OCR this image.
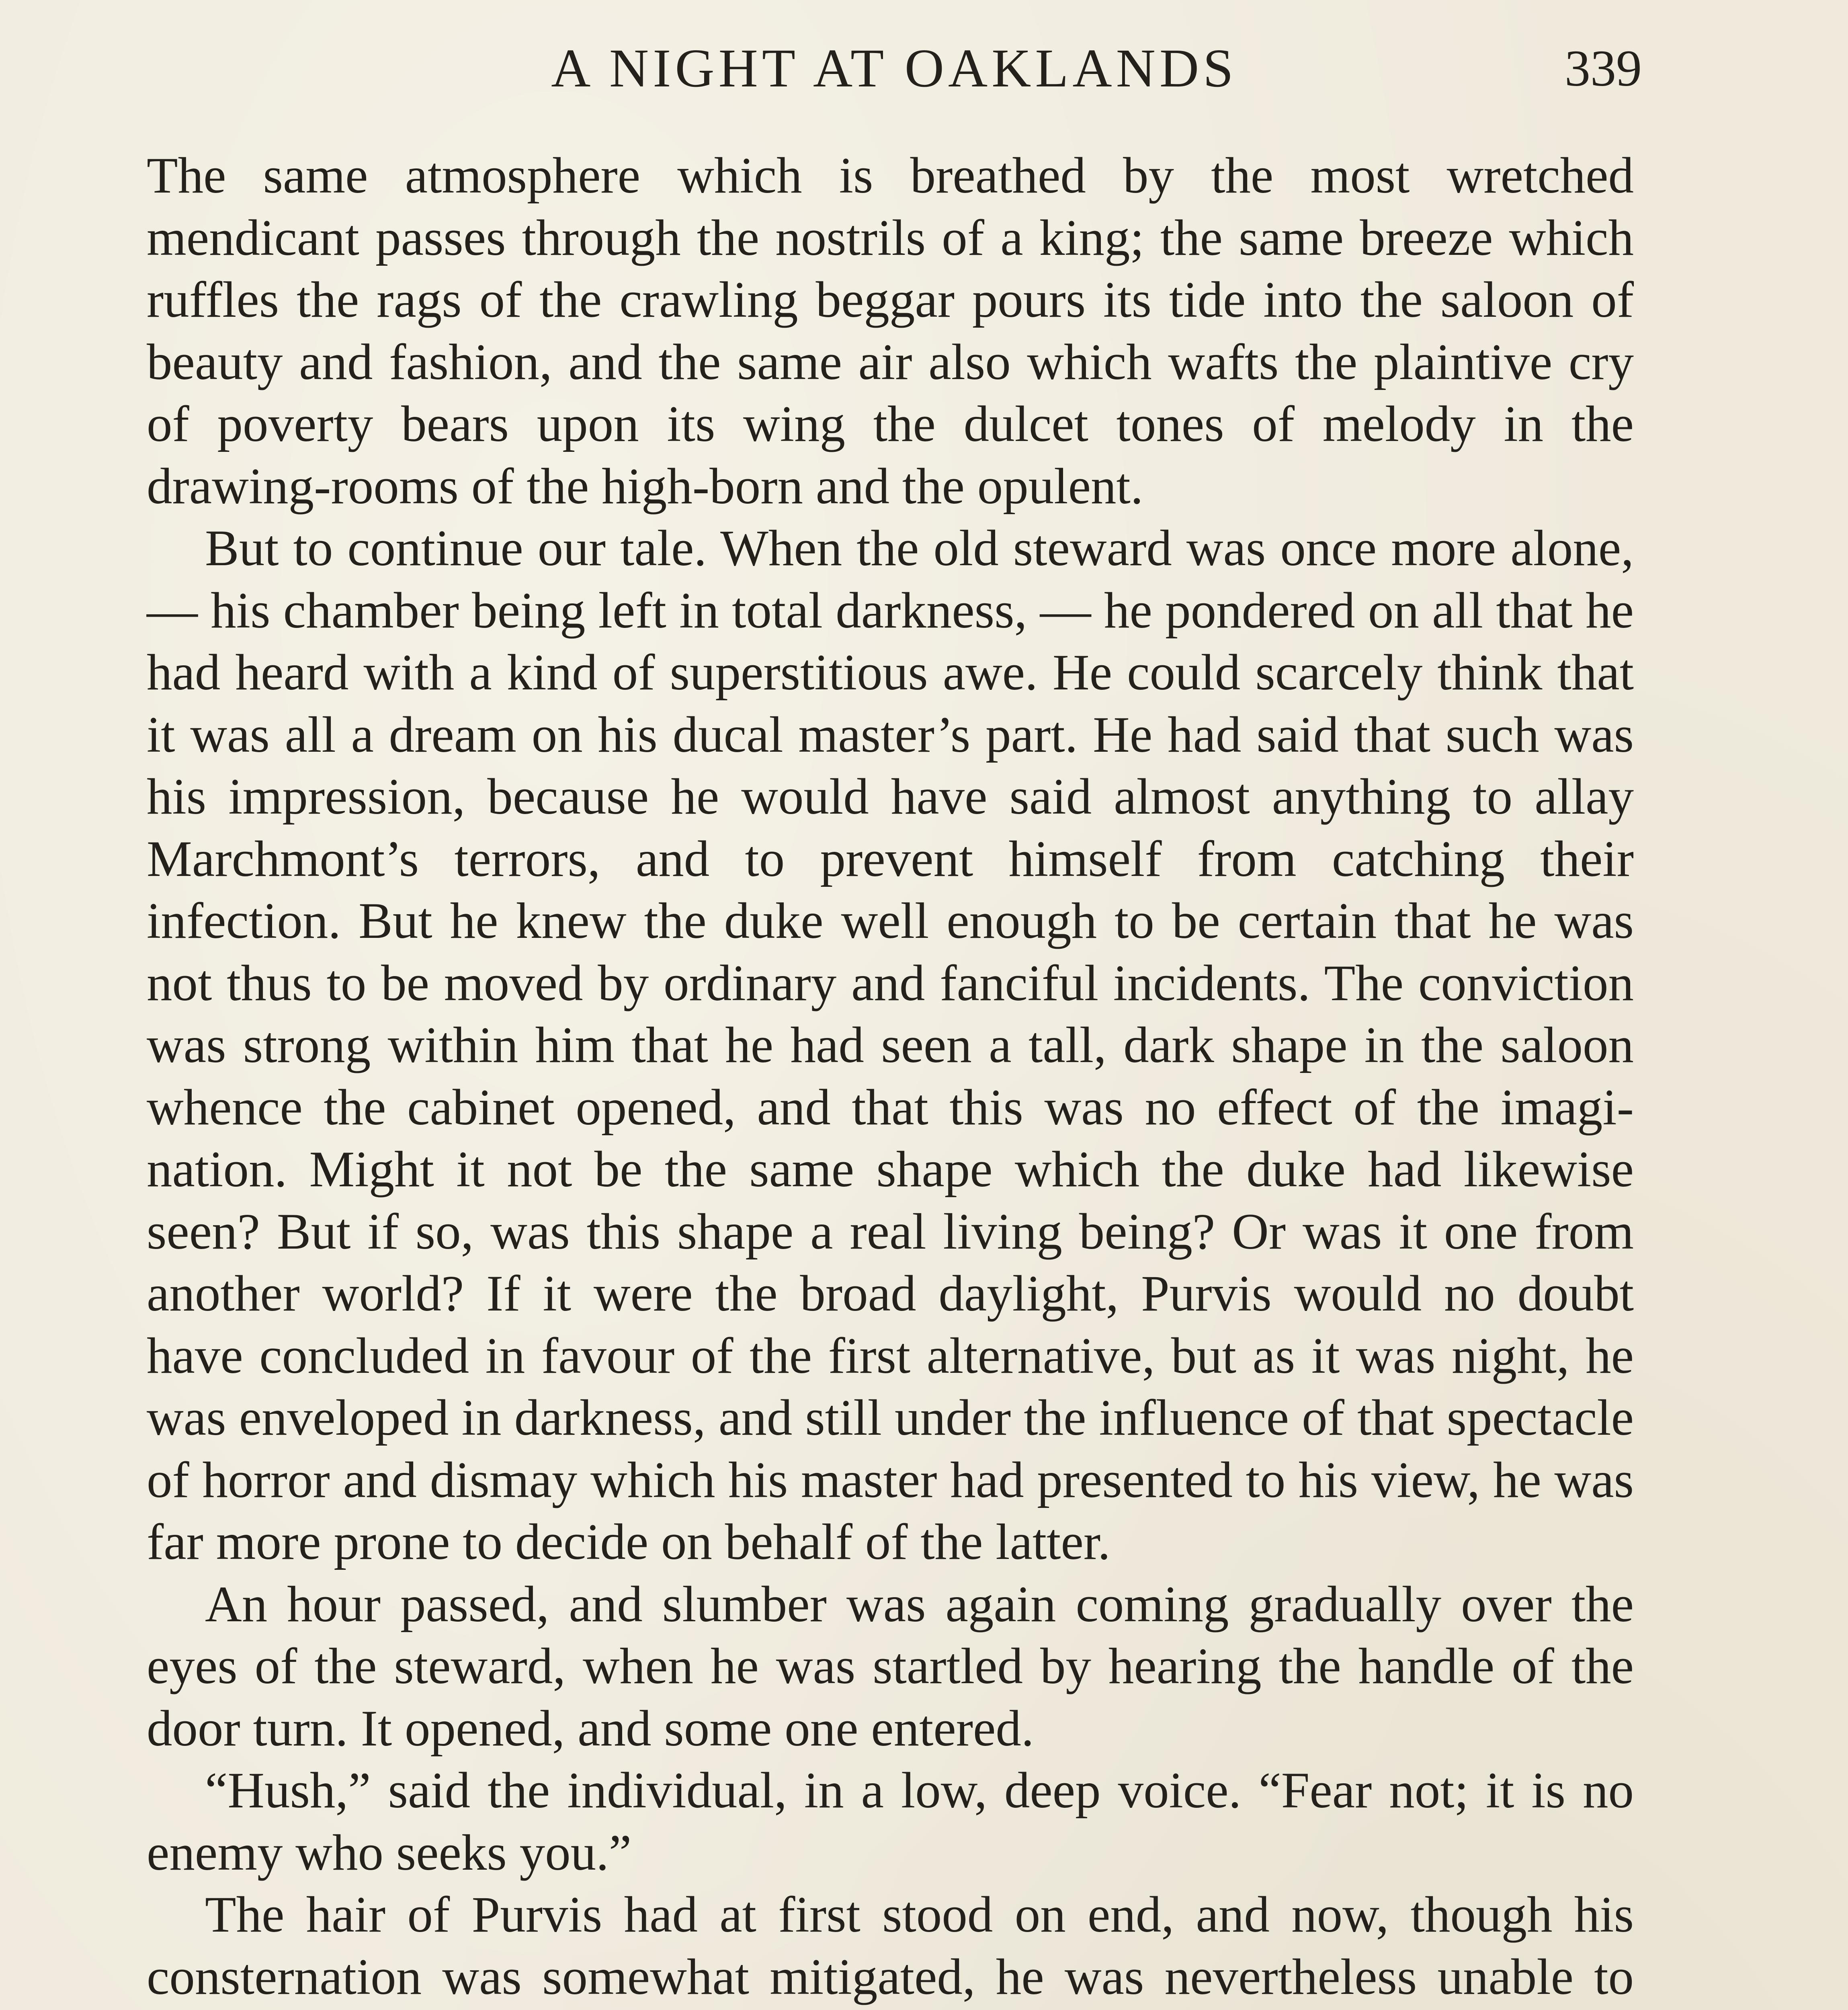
A NIGHT AT OAKLANDS	339

The same atmosphere which is breathed by the most wretched mendicant passes through the nostrils of a king; the same breeze which ruffles the rags of the crawling beggar pours its tide into the saloon of beauty and fashion, and the same air also which wafts the plaintive cry of poverty bears upon its wing the dulcet tones of melody in the drawing-rooms of the high-born and the opulent.

But to continue our tale. When the old steward was once more alone, — his chamber being left in total darkness, — he pondered on all that he had heard with a kind of superstitious awe. He could scarcely think that it was all a dream on his ducal master’s part. He had said that such was his impression, because he would have said almost anything to allay Marchmont’s terrors, and to prevent himself from catching their infection. But he knew the duke well enough to be certain that he was not thus to be moved by ordinary and fanciful incidents. The conviction was strong within him that he had seen a tall, dark shape in the saloon whence the cabinet opened, and that this was no effect of the imagination. Might it not be the same shape which the duke had likewise seen? But if so, was this shape a real living being? Or was it one from another world? If it were the broad daylight, Purvis would no doubt have concluded in favour of the first alternative, but as it was night, he was enveloped in darkness, and still under the influence of that spectacle of horror and dismay which his master had presented to his view, he was far more prone to decide on behalf of the latter.

An hour passed, and slumber was again coming gradually over the eyes of the steward, when he was startled by hearing the handle of the door turn. It opened, and some one entered.

“Hush,” said the individual, in a low, deep voice. “Fear not; it is no enemy who seeks you.”

The hair of Purvis had at first stood on end, and now, though his consternation was somewhat mitigated, he was nevertheless unable to
